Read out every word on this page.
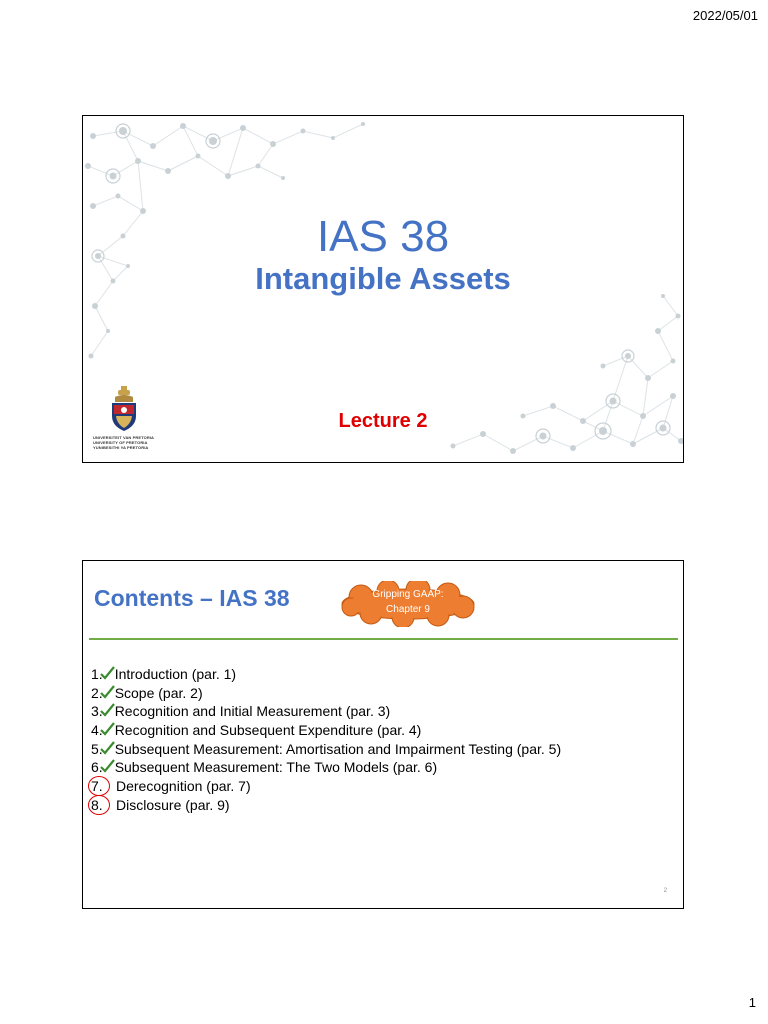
2022/05/01
IAS 38
Intangible Assets
Lecture 2
UNIVERSITEIT VAN PRETORIA
UNIVERSITY OF PRETORIA
YUNIBESITHI YA PRETORIA
Contents – IAS 38	Gripping GAAP:
Chapter 9
1. Introduction (par. 1)
2. Scope (par. 2)
3. Recognition and Initial Measurement (par. 3)
4. Recognition and Subsequent Expenditure (par. 4)
5. Subsequent Measurement: Amortisation and Impairment Testing (par. 5)
6. Subsequent Measurement: The Two Models (par. 6)
7. Derecognition (par. 7)
8. Disclosure (par. 9)
2
1
